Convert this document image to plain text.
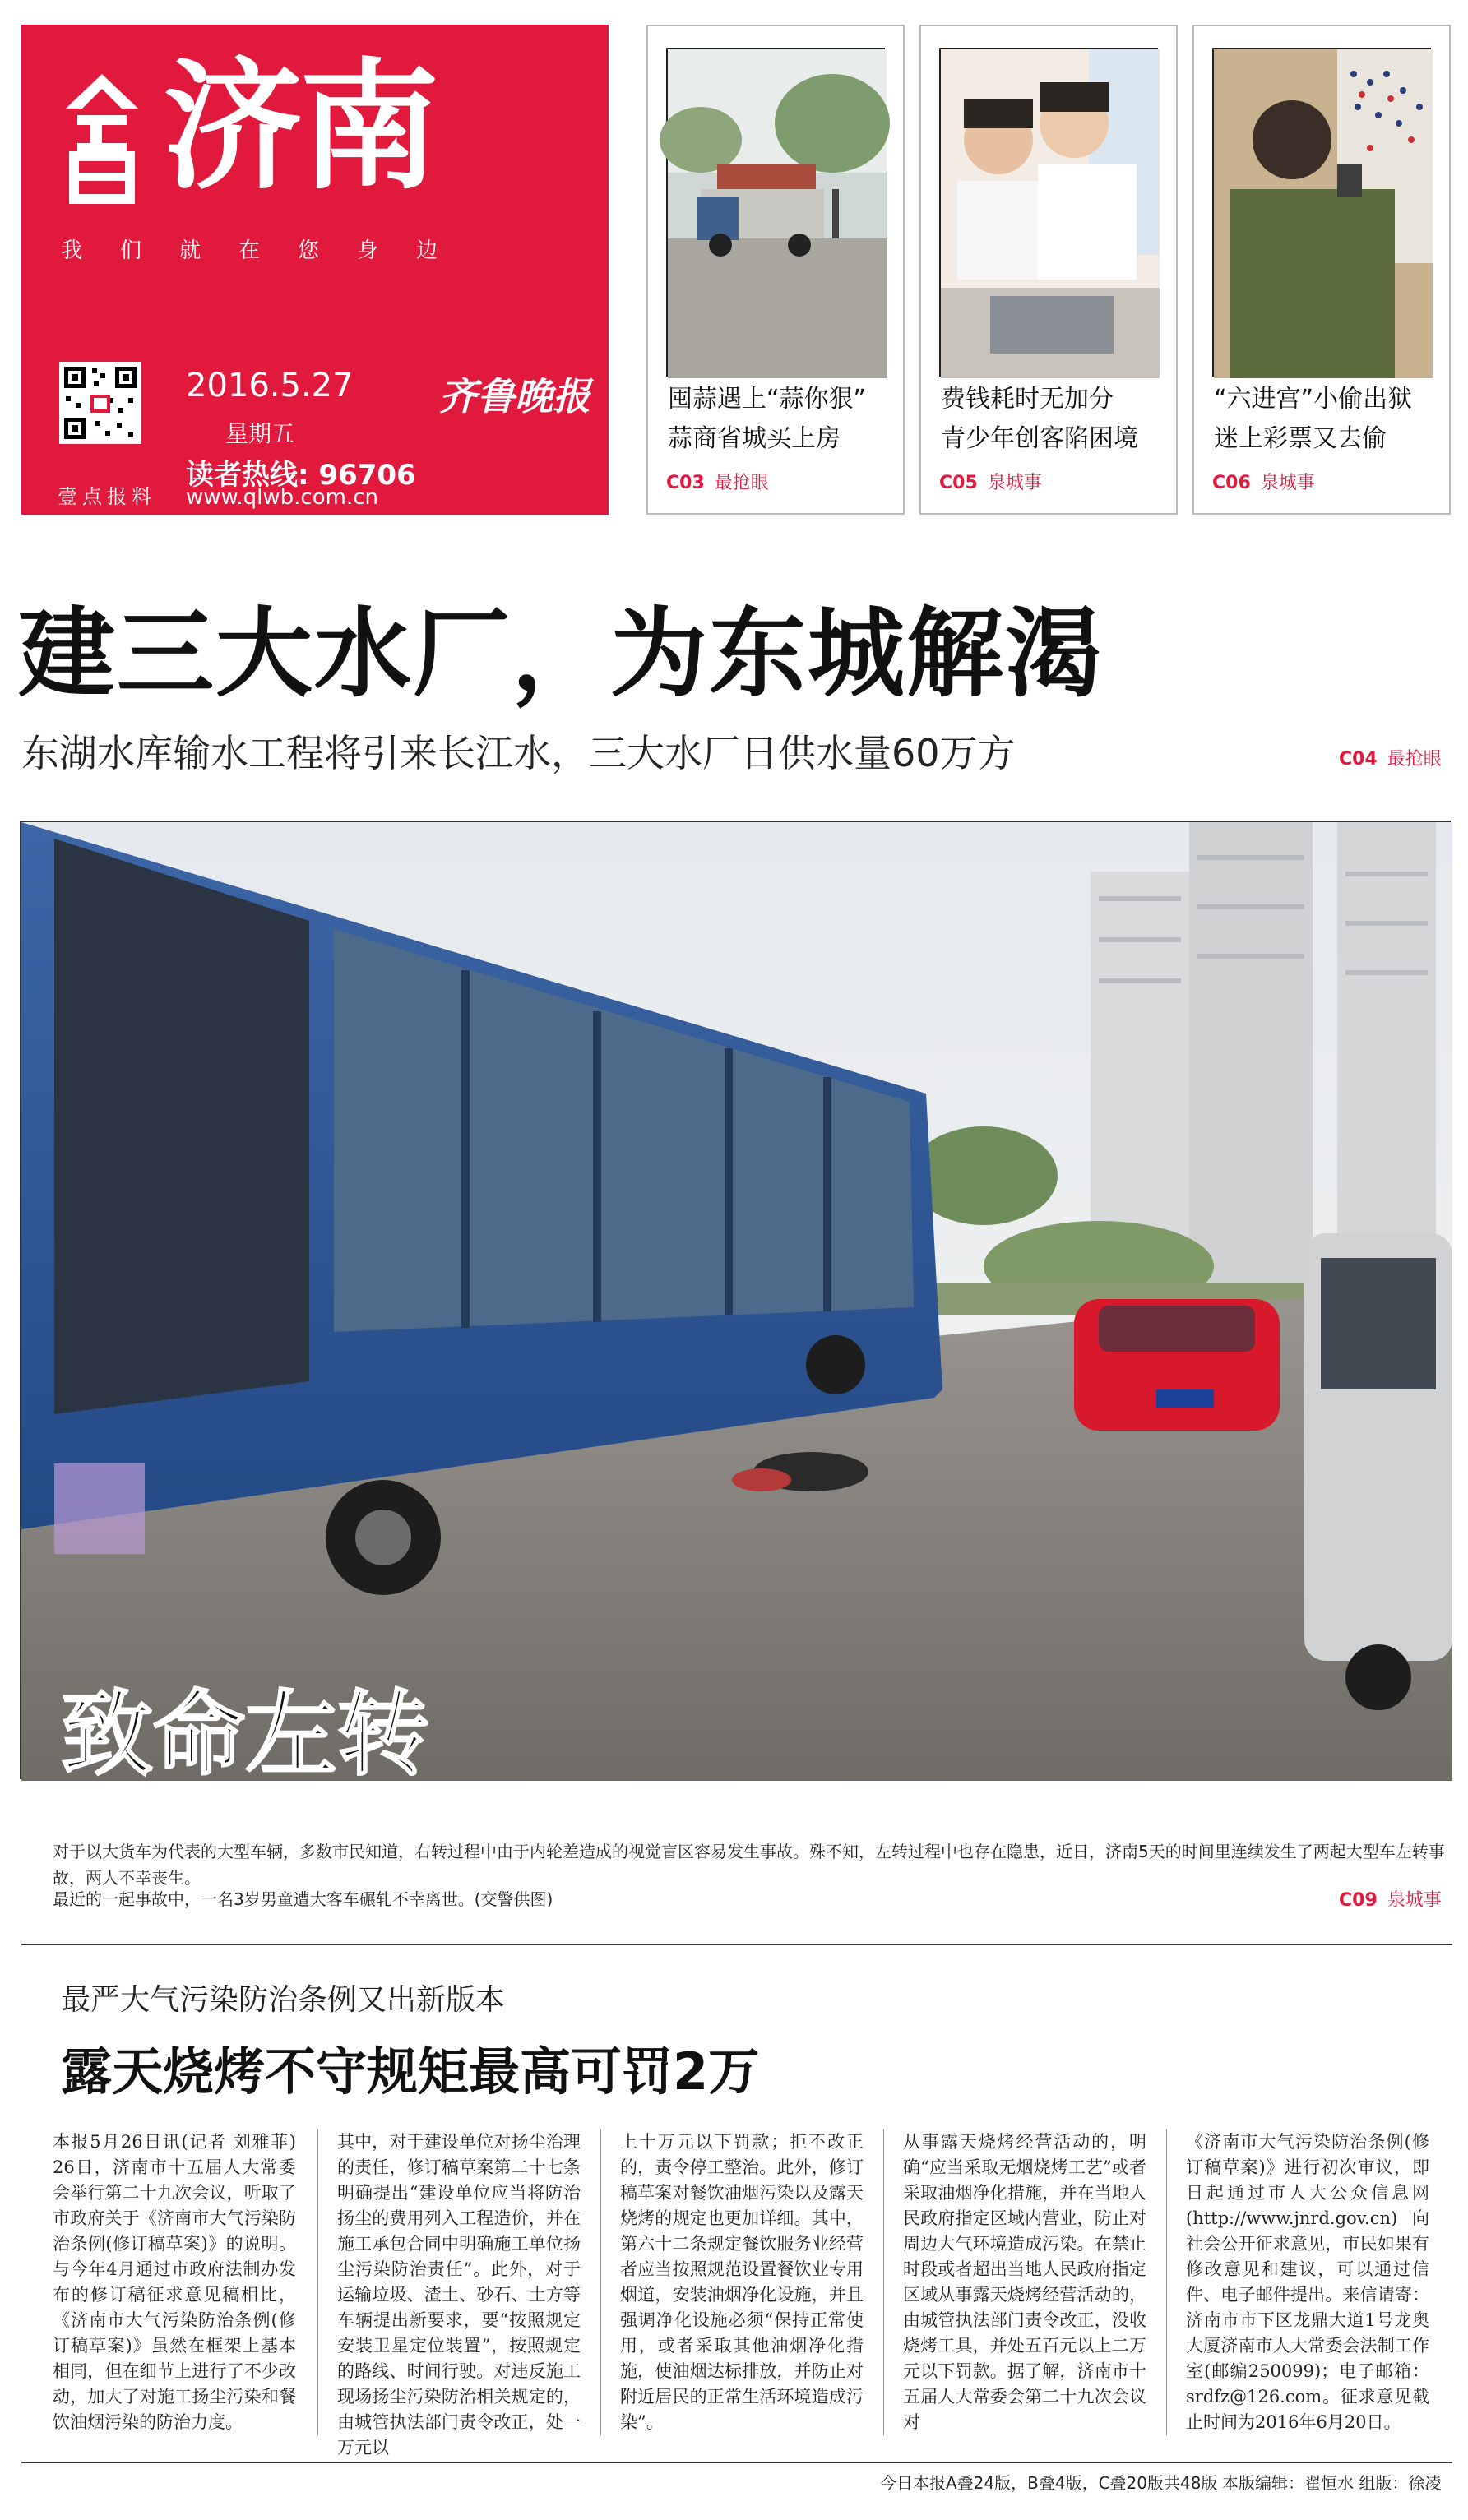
济南
我们就在您身边
壹点报料
2016.5.27
星期五
读者热线: 96706
www.qlwb.com.cn
齐鲁晚报	囤蒜遇上“蒜你狠”
蒜商省城买上房
C03 最抢眼
费钱耗时无加分
青少年创客陷困境
C05 泉城事
“六进宫”小偷出狱
迷上彩票又去偷
C06 泉城事
建三大水厂，为东城解渴
东湖水库输水工程将引来长江水，三大水厂日供水量60万方	C04 最抢眼
致命左转
对于以大货车为代表的大型车辆，多数市民知道，右转过程中由于内轮差造成的视觉盲区容易发生事故。殊不知，左转过程中也存在隐患，近日，济南5天的时间里连续发生了两起大型车左转事故，两人不幸丧生。
最近的一起事故中，一名3岁男童遭大客车碾轧不幸离世。(交警供图)	C09 泉城事
最严大气污染防治条例又出新版本
露天烧烤不守规矩最高可罚2万
本报5月26日讯(记者 刘雅菲) 26日，济南市十五届人大常委会举行第二十九次会议，听取了市政府关于《济南市大气污染防治条例(修订稿草案)》的说明。与今年4月通过市政府法制办发布的修订稿征求意见稿相比，《济南市大气污染防治条例(修订稿草案)》虽然在框架上基本相同，但在细节上进行了不少改动，加大了对施工扬尘污染和餐饮油烟污染的防治力度。
其中，对于建设单位对扬尘治理的责任，修订稿草案第二十七条明确提出“建设单位应当将防治扬尘的费用列入工程造价，并在施工承包合同中明确施工单位扬尘污染防治责任”。此外，对于运输垃圾、渣土、砂石、土方等车辆提出新要求，要“按照规定安装卫星定位装置”，按照规定的路线、时间行驶。对违反施工现场扬尘污染防治相关规定的，由城管执法部门责令改正，处一万元以
上十万元以下罚款；拒不改正的，责令停工整治。此外，修订稿草案对餐饮油烟污染以及露天烧烤的规定也更加详细。其中，第六十二条规定餐饮服务业经营者应当按照规范设置餐饮业专用烟道，安装油烟净化设施，并且强调净化设施必须“保持正常使用，或者采取其他油烟净化措施，使油烟达标排放，并防止对附近居民的正常生活环境造成污染”。
从事露天烧烤经营活动的，明确“应当采取无烟烧烤工艺”或者采取油烟净化措施，并在当地人民政府指定区域内营业，防止对周边大气环境造成污染。在禁止时段或者超出当地人民政府指定区域从事露天烧烤经营活动的，由城管执法部门责令改正，没收烧烤工具，并处五百元以上二万元以下罚款。据了解，济南市十五届人大常委会第二十九次会议对
《济南市大气污染防治条例(修订稿草案)》进行初次审议，即日起通过市人大公众信息网(http://www.jnrd.gov.cn)向社会公开征求意见，市民如果有修改意见和建议，可以通过信件、电子邮件提出。来信请寄：济南市市下区龙鼎大道1号龙奥大厦济南市人大常委会法制工作室(邮编250099)；电子邮箱：srdfz@126.com。征求意见截止时间为2016年6月20日。
今日本报A叠24版，B叠4版，C叠20版共48版 本版编辑：翟恒水 组版：徐凌
